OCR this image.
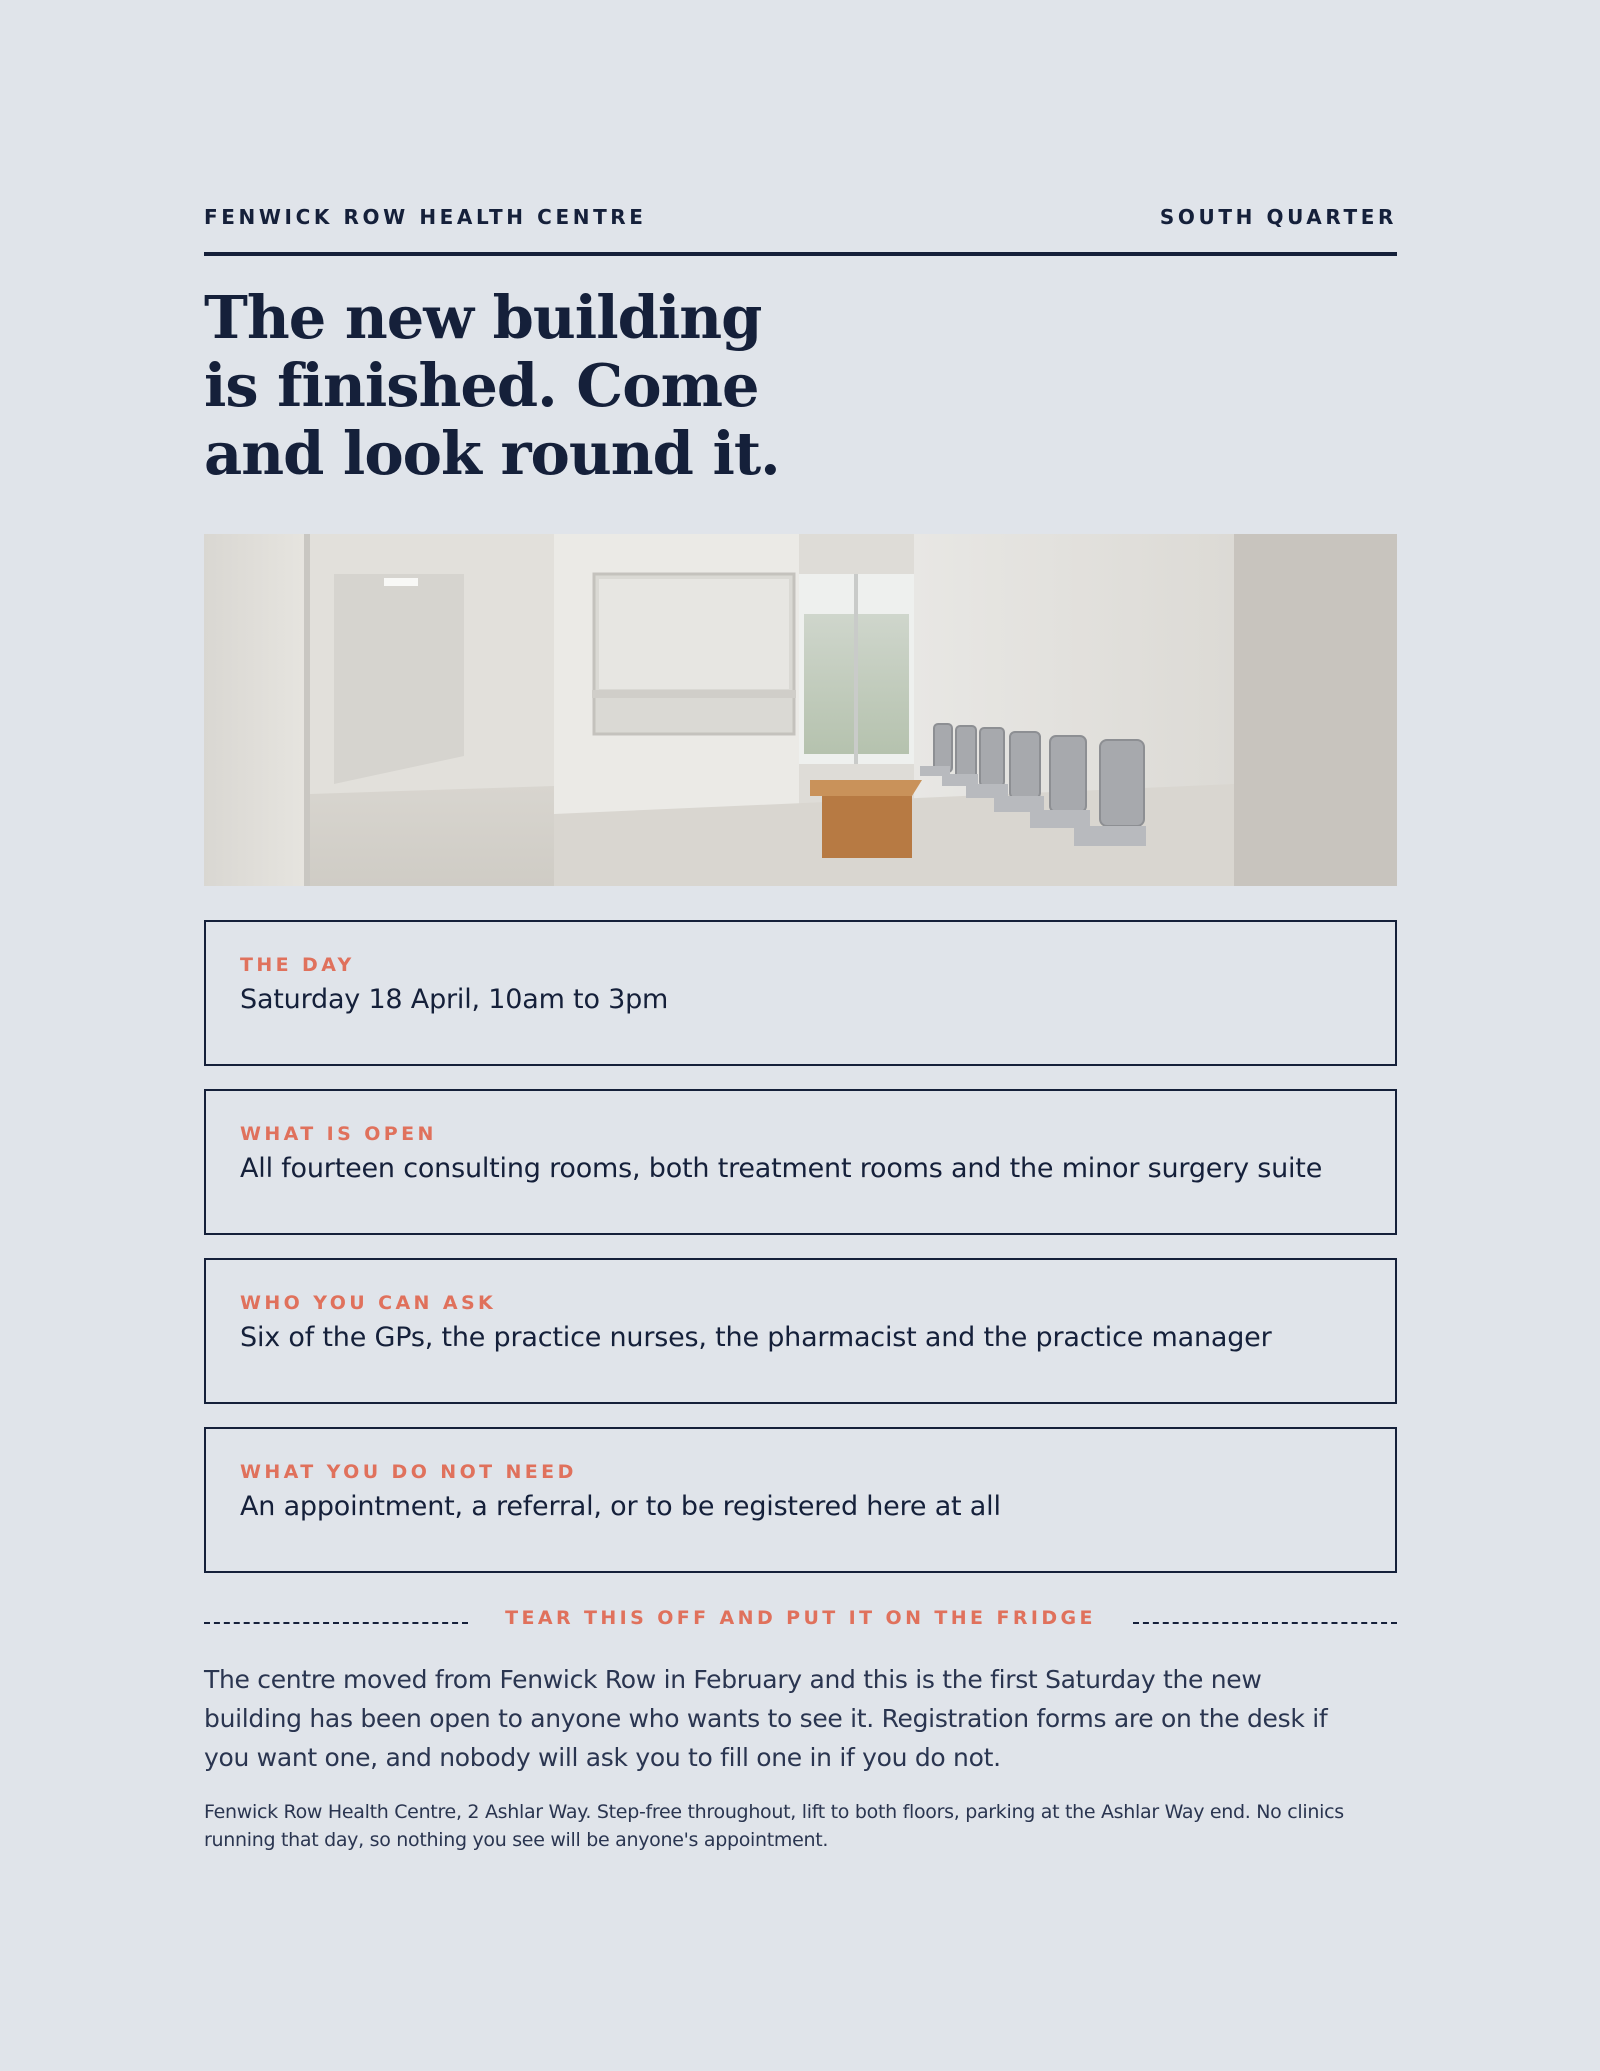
FENWICK ROW HEALTH CENTRE	SOUTH QUARTER
The new building is finished. Come and look round it.
THE DAY
Saturday 18 April, 10am to 3pm
WHAT IS OPEN
All fourteen consulting rooms, both treatment rooms and the minor surgery suite
WHO YOU CAN ASK
Six of the GPs, the practice nurses, the pharmacist and the practice manager
WHAT YOU DO NOT NEED
An appointment, a referral, or to be registered here at all
TEAR THIS OFF AND PUT IT ON THE FRIDGE

The centre moved from Fenwick Row in February and this is the first Saturday the new building has been open to anyone who wants to see it. Registration forms are on the desk if you want one, and nobody will ask you to fill one in if you do not.

Fenwick Row Health Centre, 2 Ashlar Way. Step-free throughout, lift to both floors, parking at the Ashlar Way end. No clinics running that day, so nothing you see will be anyone's appointment.
